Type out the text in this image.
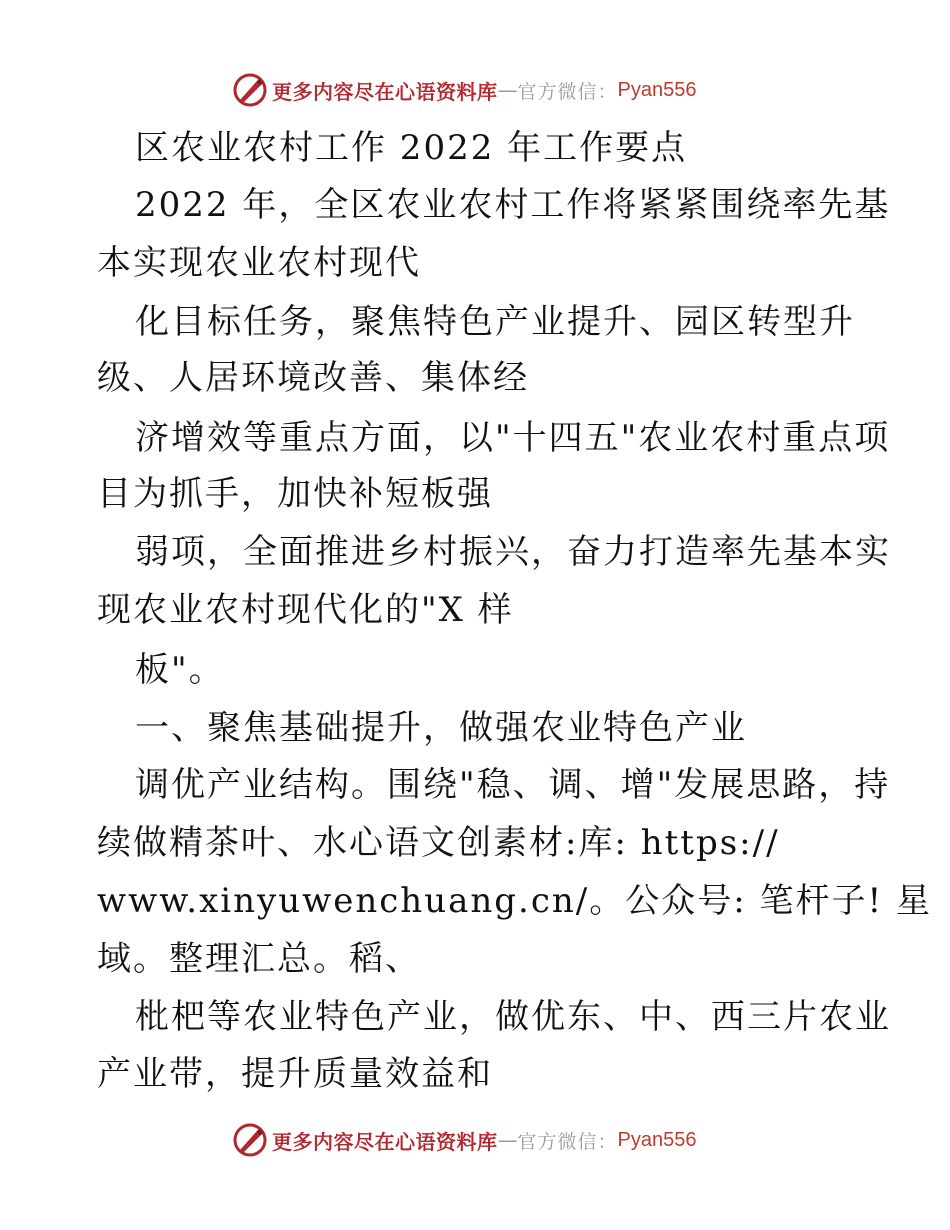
更多内容尽在心语资料库 — 官方微信： Pyan556
区农业农村工作 2022 年工作要点
2022 年，全区农业农村工作将紧紧围绕率先基
本实现农业农村现代
化目标任务，聚焦特色产业提升、园区转型升
级、人居环境改善、集体经
济增效等重点方面，以"十四五"农业农村重点项
目为抓手，加快补短板强
弱项，全面推进乡村振兴，奋力打造率先基本实
现农业农村现代化的"X 样
板"。
一、聚焦基础提升，做强农业特色产业
调优产业结构。围绕"稳、调、增"发展思路，持
续做精茶叶、水心语文创素材:库: https://
www.xinyuwenchuang.cn/。公众号: 笔杆子! 星
域。整理汇总。稻、
枇杷等农业特色产业，做优东、中、西三片农业
产业带，提升质量效益和
更多内容尽在心语资料库 — 官方微信： Pyan556
